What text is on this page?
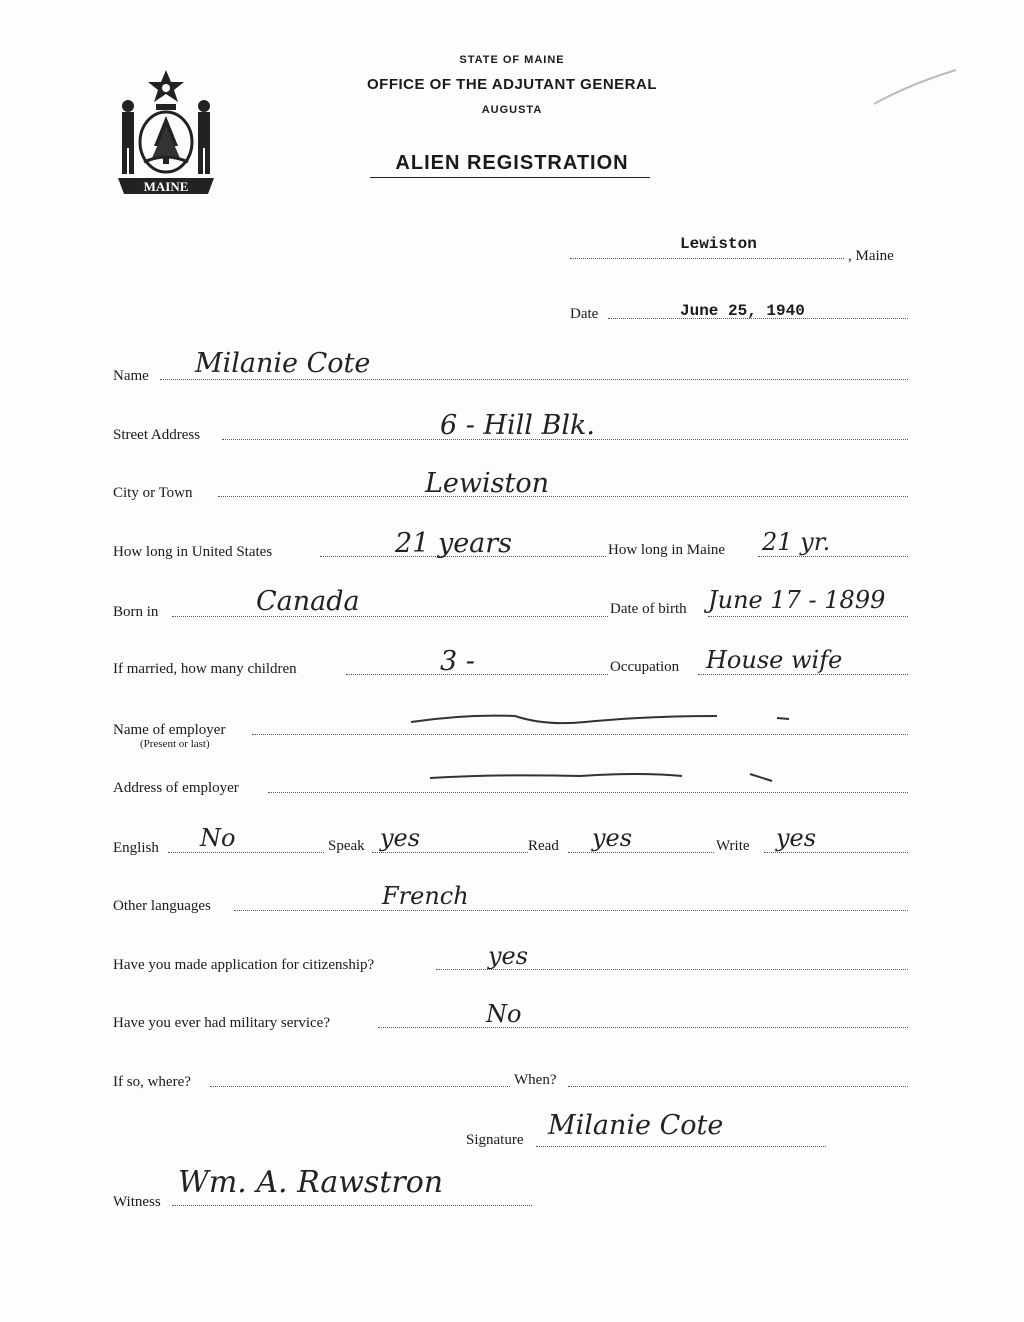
STATE OF MAINE
OFFICE OF THE ADJUTANT GENERAL
AUGUSTA
ALIEN REGISTRATION
MAINE
Lewiston
, Maine
Date	June 25, 1940
Name Milanie Cote
Street Address	6 - Hill Blk.
City or Town	Lewiston
How long in United States	21 years	How long in Maine 21 yr.
Born in	Canada	Date of birth June 17 - 1899
If married, how many children	3 -	Occupation House wife
Name of employer
(Present or last)
Address of employer
English No	Speak yes	Read yes	Write yes
Other languages	French
Have you made application for citizenship?	yes
Have you ever had military service?	No
If so, where?	When?
Signature Milanie Cote
Witness
Wm. A. Rawstron
